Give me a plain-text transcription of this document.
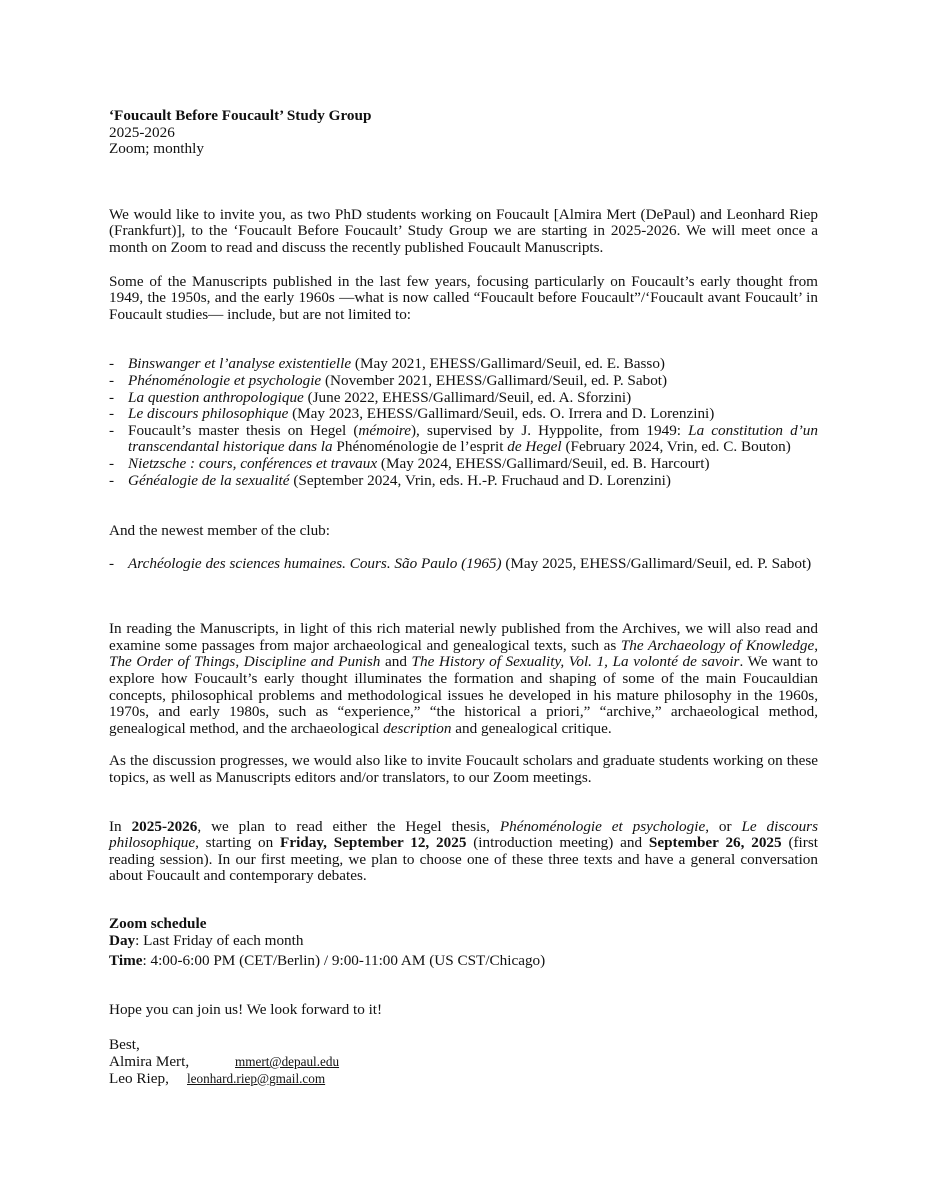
‘Foucault Before Foucault’ Study Group

2025-2026

Zoom; monthly

We would like to invite you, as two PhD students working on Foucault [Almira Mert (DePaul) and Leonhard Riep (Frankfurt)], to the ‘Foucault Before Foucault’ Study Group we are starting in 2025-2026. We will meet once a month on Zoom to read and discuss the recently published Foucault Manuscripts.

Some of the Manuscripts published in the last few years, focusing particularly on Foucault’s early thought from 1949, the 1950s, and the early 1960s —what is now called “Foucault before Foucault”/‘Foucault avant Foucault’ in Foucault studies— include, but are not limited to:

- Binswanger et l’analyse existentielle (May 2021, EHESS/Gallimard/Seuil, ed. E. Basso)
- Phénoménologie et psychologie (November 2021, EHESS/Gallimard/Seuil, ed. P. Sabot)
- La question anthropologique (June 2022, EHESS/Gallimard/Seuil, ed. A. Sforzini)
- Le discours philosophique (May 2023, EHESS/Gallimard/Seuil, eds. O. Irrera and D. Lorenzini)
- Foucault’s master thesis on Hegel (mémoire), supervised by J. Hyppolite, from 1949: La constitution d’un transcendantal historique dans la Phénoménologie de l’esprit de Hegel (February 2024, Vrin, ed. C. Bouton)
- Nietzsche : cours, conférences et travaux (May 2024, EHESS/Gallimard/Seuil, ed. B. Harcourt)
- Généalogie de la sexualité (September 2024, Vrin, eds. H.-P. Fruchaud and D. Lorenzini)

And the newest member of the club:

- Archéologie des sciences humaines. Cours. São Paulo (1965) (May 2025, EHESS/Gallimard/Seuil, ed. P. Sabot)

In reading the Manuscripts, in light of this rich material newly published from the Archives, we will also read and examine some passages from major archaeological and genealogical texts, such as The Archaeology of Knowledge, The Order of Things, Discipline and Punish and The History of Sexuality, Vol. 1, La volonté de savoir. We want to explore how Foucault’s early thought illuminates the formation and shaping of some of the main Foucauldian concepts, philosophical problems and methodological issues he developed in his mature philosophy in the 1960s, 1970s, and early 1980s, such as “experience,” “the historical a priori,” “archive,” archaeological method, genealogical method, and the archaeological description and genealogical critique.

As the discussion progresses, we would also like to invite Foucault scholars and graduate students working on these topics, as well as Manuscripts editors and/or translators, to our Zoom meetings.

In 2025-2026, we plan to read either the Hegel thesis, Phénoménologie et psychologie, or Le discours philosophique, starting on Friday, September 12, 2025 (introduction meeting) and September 26, 2025 (first reading session). In our first meeting, we plan to choose one of these three texts and have a general conversation about Foucault and contemporary debates.

Zoom schedule

Day: Last Friday of each month

Time: 4:00-6:00 PM (CET/Berlin) / 9:00-11:00 AM (US CST/Chicago)

Hope you can join us! We look forward to it!

Best,

Almira Mert,	mmert@depaul.edu

Leo Riep, leonhard.riep@gmail.com
